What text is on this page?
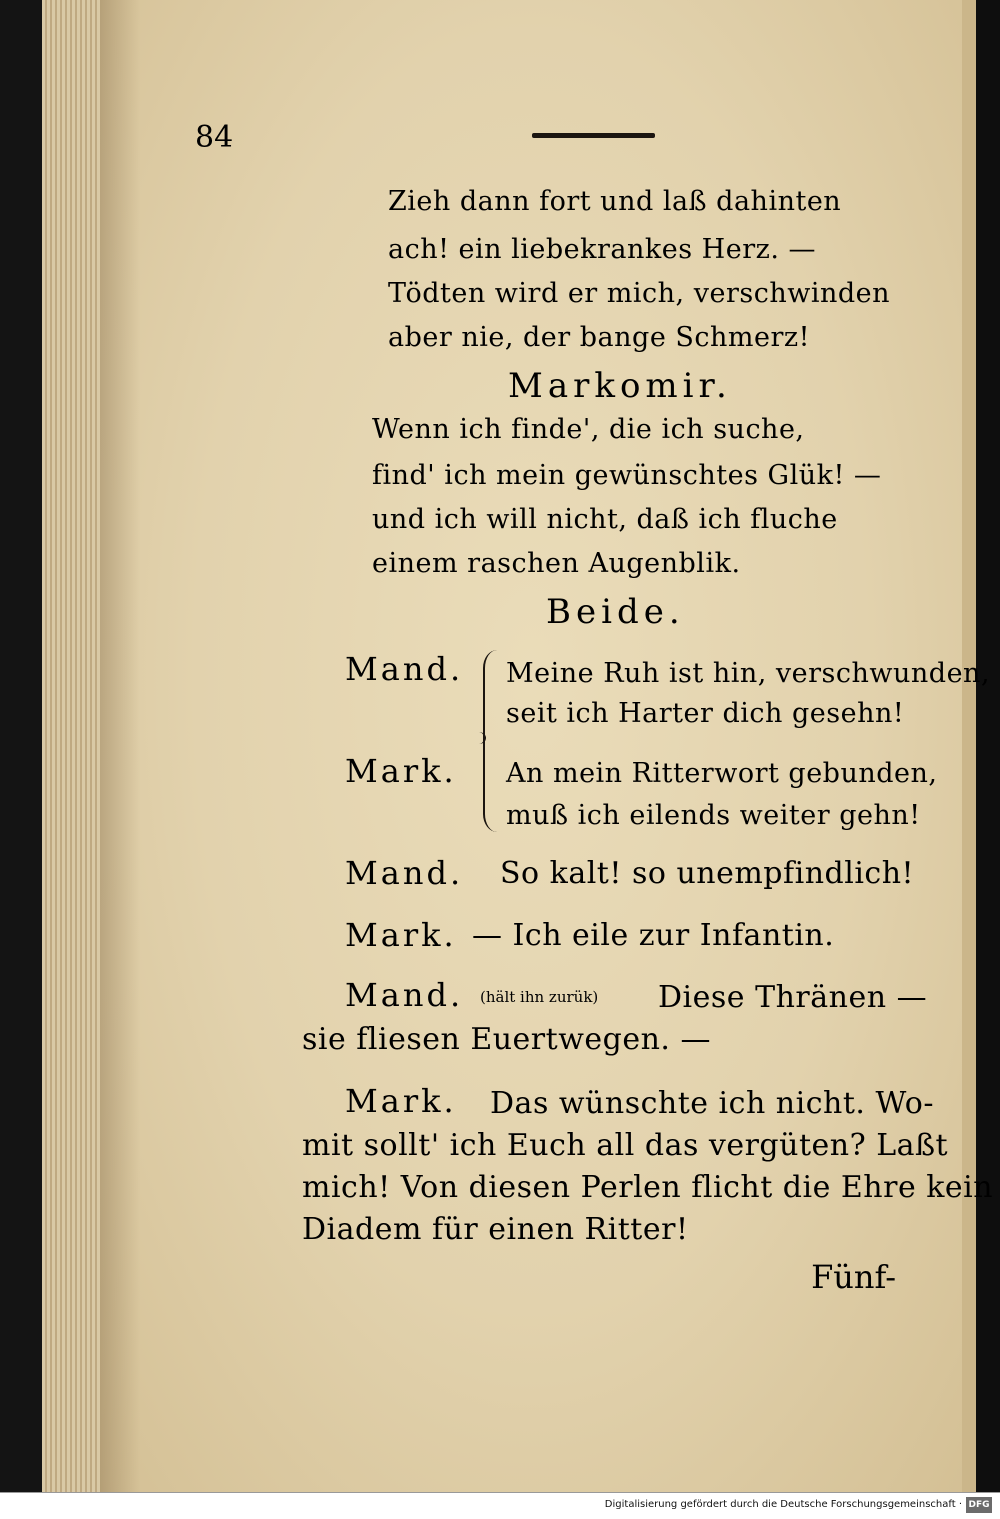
84
Zieh dann fort und laß dahinten
ach! ein liebekrankes Herz. —
Tödten wird er mich, verschwinden
aber nie, der bange Schmerz!
Markomir.
Wenn ich finde', die ich suche,
find' ich mein gewünschtes Glük! —
und ich will nicht, daß ich fluche
einem raschen Augenblik.
Beide.
Mand. Meine Ruh ist hin, verschwunden,
seit ich Harter dich gesehn!
Mark. An mein Ritterwort gebunden,
muß ich eilends weiter gehn!
Mand. So kalt! so unempfindlich!
Mark. — Ich eile zur Infantin.
Mand. (hält ihn zurük) Diese Thränen —
sie fliesen Euertwegen. —
Mark. Das wünschte ich nicht. Wo-
mit sollt' ich Euch all das vergüten? Laßt
mich! Von diesen Perlen flicht die Ehre kein
Diadem für einen Ritter!
Fünf-
Digitalisierung gefördert durch die Deutsche Forschungsgemeinschaft · DFG
